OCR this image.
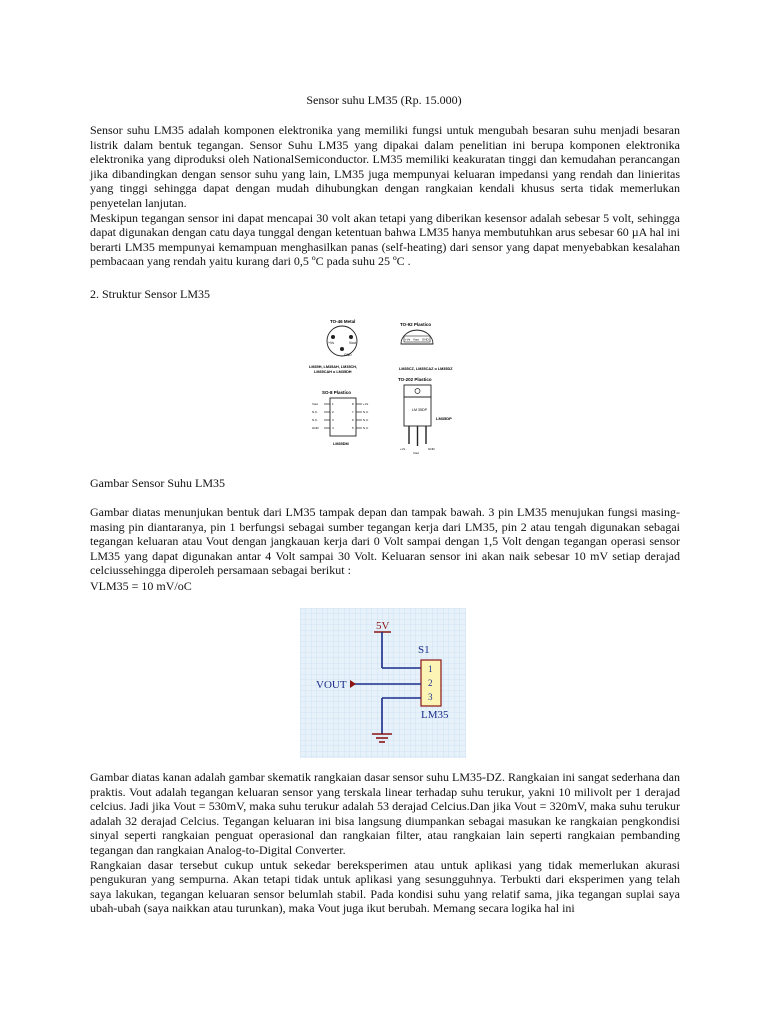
Sensor suhu LM35 (Rp. 15.000)
Sensor suhu LM35 adalah komponen elektronika yang memiliki fungsi untuk mengubah besaran suhu menjadi besaran listrik dalam bentuk tegangan. Sensor Suhu LM35 yang dipakai dalam penelitian ini berupa komponen elektronika elektronika yang diproduksi oleh NationalSemiconductor. LM35 memiliki keakuratan tinggi dan kemudahan perancangan jika dibandingkan dengan sensor suhu yang lain, LM35 juga mempunyai keluaran impedansi yang rendah dan linieritas yang tinggi sehingga dapat dengan mudah dihubungkan dengan rangkaian kendali khusus serta tidak memerlukan penyetelan lanjutan.
Meskipun tegangan sensor ini dapat mencapai 30 volt akan tetapi yang diberikan kesensor adalah sebesar 5 volt, sehingga dapat digunakan dengan catu daya tunggal dengan ketentuan bahwa LM35 hanya membutuhkan arus sebesar 60 µA hal ini berarti LM35 mempunyai kemampuan menghasilkan panas (self-heating) dari sensor yang dapat menyebabkan kesalahan pembacaan yang rendah yaitu kurang dari 0,5 ºC pada suhu 25 ºC .
2. Struktur Sensor LM35
TO-46 Metal
+Vs	Vout
GND
LM35H, LM35AH, LM35CH,
LM35CAH o LM35DH
TO-92 Plastico
+Vs Vout GND
LM35CZ, LM35CAZ o LM35DZ
TO-202 Plastico
LM 35DP
LM35DP
+Vs
Vout
GND
SO-8 Plastico
Vout
N.C.
N.C.
GND
1
2
3
4
8
7
6
5
+Vs
N.C.
N.C.
N.C.
LM35DM
Gambar Sensor Suhu LM35
Gambar diatas menunjukan bentuk dari LM35 tampak depan dan tampak bawah. 3 pin LM35 menujukan fungsi masing-masing pin diantaranya, pin 1 berfungsi sebagai sumber tegangan kerja dari LM35, pin 2 atau tengah digunakan sebagai tegangan keluaran atau Vout dengan jangkauan kerja dari 0 Volt sampai dengan 1,5 Volt dengan tegangan operasi sensor LM35 yang dapat digunakan antar 4 Volt sampai 30 Volt. Keluaran sensor ini akan naik sebesar 10 mV setiap derajad celciussehingga diperoleh persamaan sebagai berikut :
VLM35 = 10 mV/oC
5V
S1
1
2
3
LM35
VOUT
Gambar diatas kanan adalah gambar skematik rangkaian dasar sensor suhu LM35-DZ. Rangkaian ini sangat sederhana dan praktis. Vout adalah tegangan keluaran sensor yang terskala linear terhadap suhu terukur, yakni 10 milivolt per 1 derajad celcius. Jadi jika Vout = 530mV, maka suhu terukur adalah 53 derajad Celcius.Dan jika Vout = 320mV, maka suhu terukur adalah 32 derajad Celcius. Tegangan keluaran ini bisa langsung diumpankan sebagai masukan ke rangkaian pengkondisi sinyal seperti rangkaian penguat operasional dan rangkaian filter, atau rangkaian lain seperti rangkaian pembanding tegangan dan rangkaian Analog-to-Digital Converter.
Rangkaian dasar tersebut cukup untuk sekedar bereksperimen atau untuk aplikasi yang tidak memerlukan akurasi pengukuran yang sempurna. Akan tetapi tidak untuk aplikasi yang sesungguhnya. Terbukti dari eksperimen yang telah saya lakukan, tegangan keluaran sensor belumlah stabil. Pada kondisi suhu yang relatif sama, jika tegangan suplai saya ubah-ubah (saya naikkan atau turunkan), maka Vout juga ikut berubah. Memang secara logika hal ini
